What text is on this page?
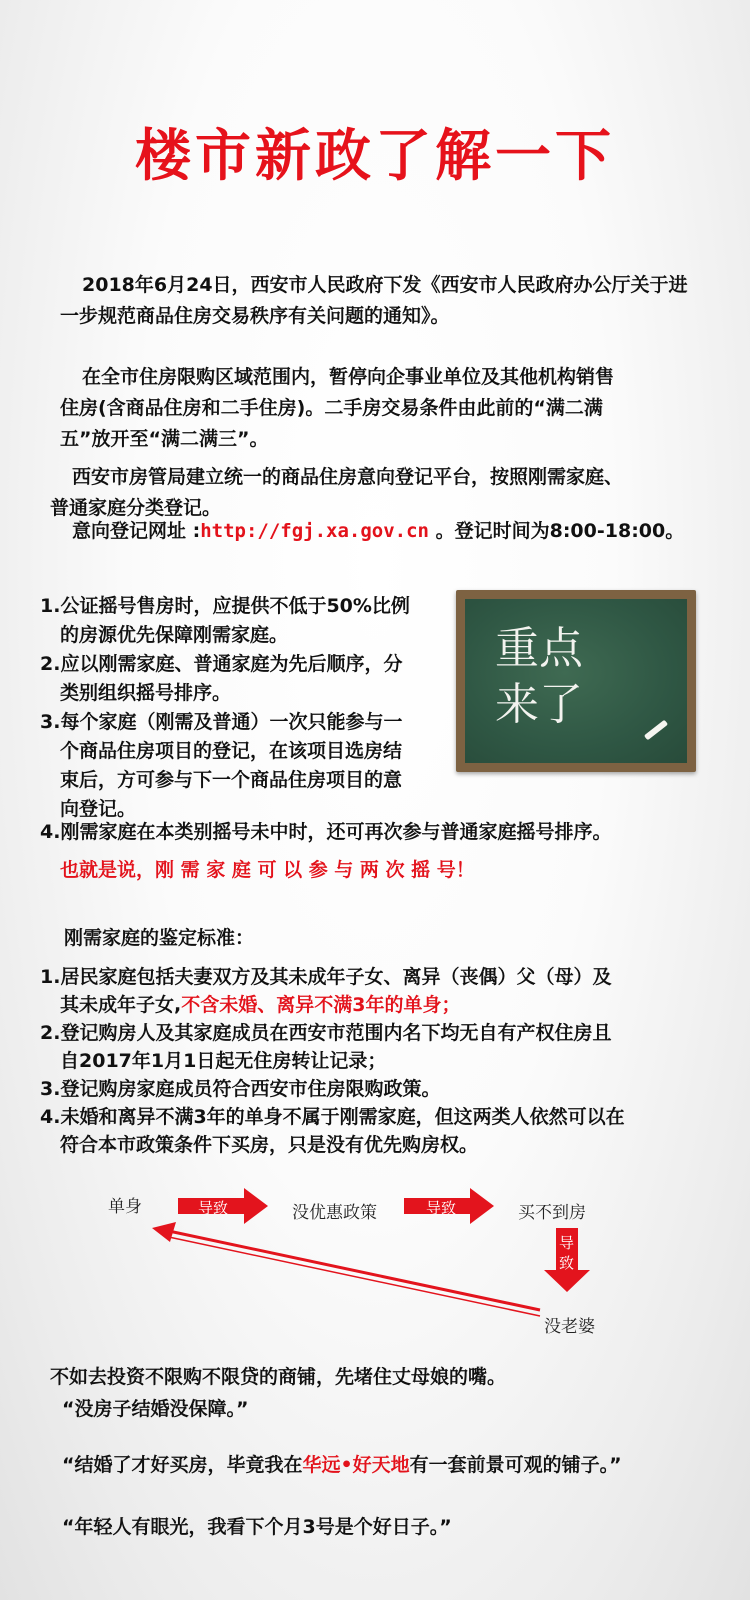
楼市新政了解一下
2018年6月24日，西安市人民政府下发《西安市人民政府办公厅关于进一步规范商品住房交易秩序有关问题的通知》。
在全市住房限购区域范围内，暂停向企事业单位及其他机构销售
住房(含商品住房和二手住房)。二手房交易条件由此前的“满二满
五”放开至“满二满三”。
西安市房管局建立统一的商品住房意向登记平台，按照刚需家庭、
普通家庭分类登记。
意向登记网址 :http://fgj.xa.gov.cn 。登记时间为8:00-18:00。
1.公证摇号售房时，应提供不低于50%比例
的房源优先保障刚需家庭。
2.应以刚需家庭、普通家庭为先后顺序，分
类别组织摇号排序。
3.每个家庭（刚需及普通）一次只能参与一
个商品住房项目的登记，在该项目选房结
束后，方可参与下一个商品住房项目的意
向登记。
重点
来了
4.刚需家庭在本类别摇号未中时，还可再次参与普通家庭摇号排序。
也就是说，刚 需 家 庭 可 以 参 与 两 次 摇 号！
刚需家庭的鉴定标准：
1.居民家庭包括夫妻双方及其未成年子女、离异（丧偶）父（母）及
其未成年子女,不含未婚、离异不满3年的单身；
2.登记购房人及其家庭成员在西安市范围内名下均无自有产权住房且
自2017年1月1日起无住房转让记录；
3.登记购房家庭成员符合西安市住房限购政策。
4.未婚和离异不满3年的单身不属于刚需家庭，但这两类人依然可以在
符合本市政策条件下买房，只是没有优先购房权。
单身	没优惠政策	买不到房
没老婆
导致	导致
导
致
不如去投资不限购不限贷的商铺，先堵住丈母娘的嘴。
“没房子结婚没保障。”
“结婚了才好买房，毕竟我在华远•好天地有一套前景可观的铺子。”
“年轻人有眼光，我看下个月3号是个好日子。”
